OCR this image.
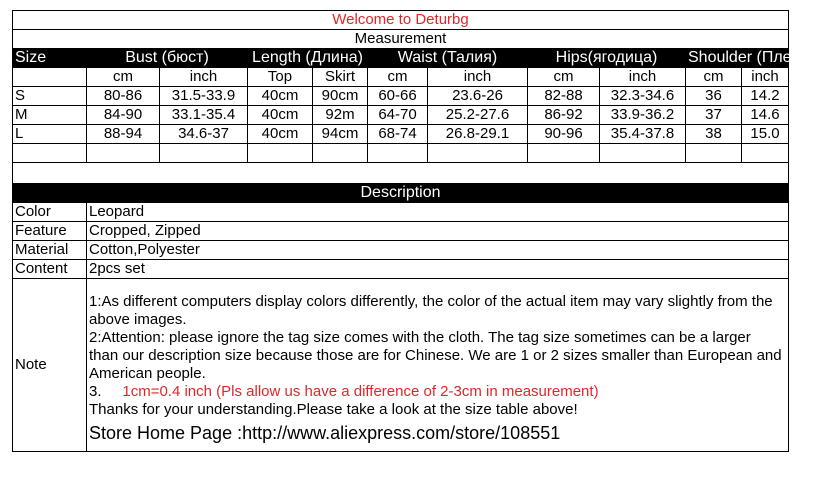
Welcome to Deturbg										
Measurement										
Size	Bust (бюст)		Length (Длина)		Waist (Талия)		Hips(ягодица)		Shoulder (Плечо)	
	cm	inch	Top	Skirt	cm	inch	cm	inch	cm	inch
S	80-86	31.5-33.9	40cm	90cm	60-66	23.6-26	82-88	32.3-34.6	36	14.2
M	84-90	33.1-35.4	40cm	92m	64-70	25.2-27.6	86-92	33.9-36.2	37	14.6
L	88-94	34.6-37	40cm	94cm	68-74	26.8-29.1	90-96	35.4-37.8	38	15.0

Description										
Color	Leopard									
Feature	Cropped, Zipped									
Material	Cotton,Polyester									
Content	2pcs set									
Note	1:As different computers display colors differently, the color of the actual item may vary slightly from the above images.
2:Attention: please ignore the tag size comes with the cloth. The tag size sometimes can be a larger than our description size because those are for Chinese. We are 1 or 2 sizes smaller than European and American people.
3. 1cm=0.4 inch (Pls allow us have a difference of 2-3cm in measurement)
Thanks for your understanding.Please take a look at the size table above!
Store Home Page :http://www.aliexpress.com/store/108551									
